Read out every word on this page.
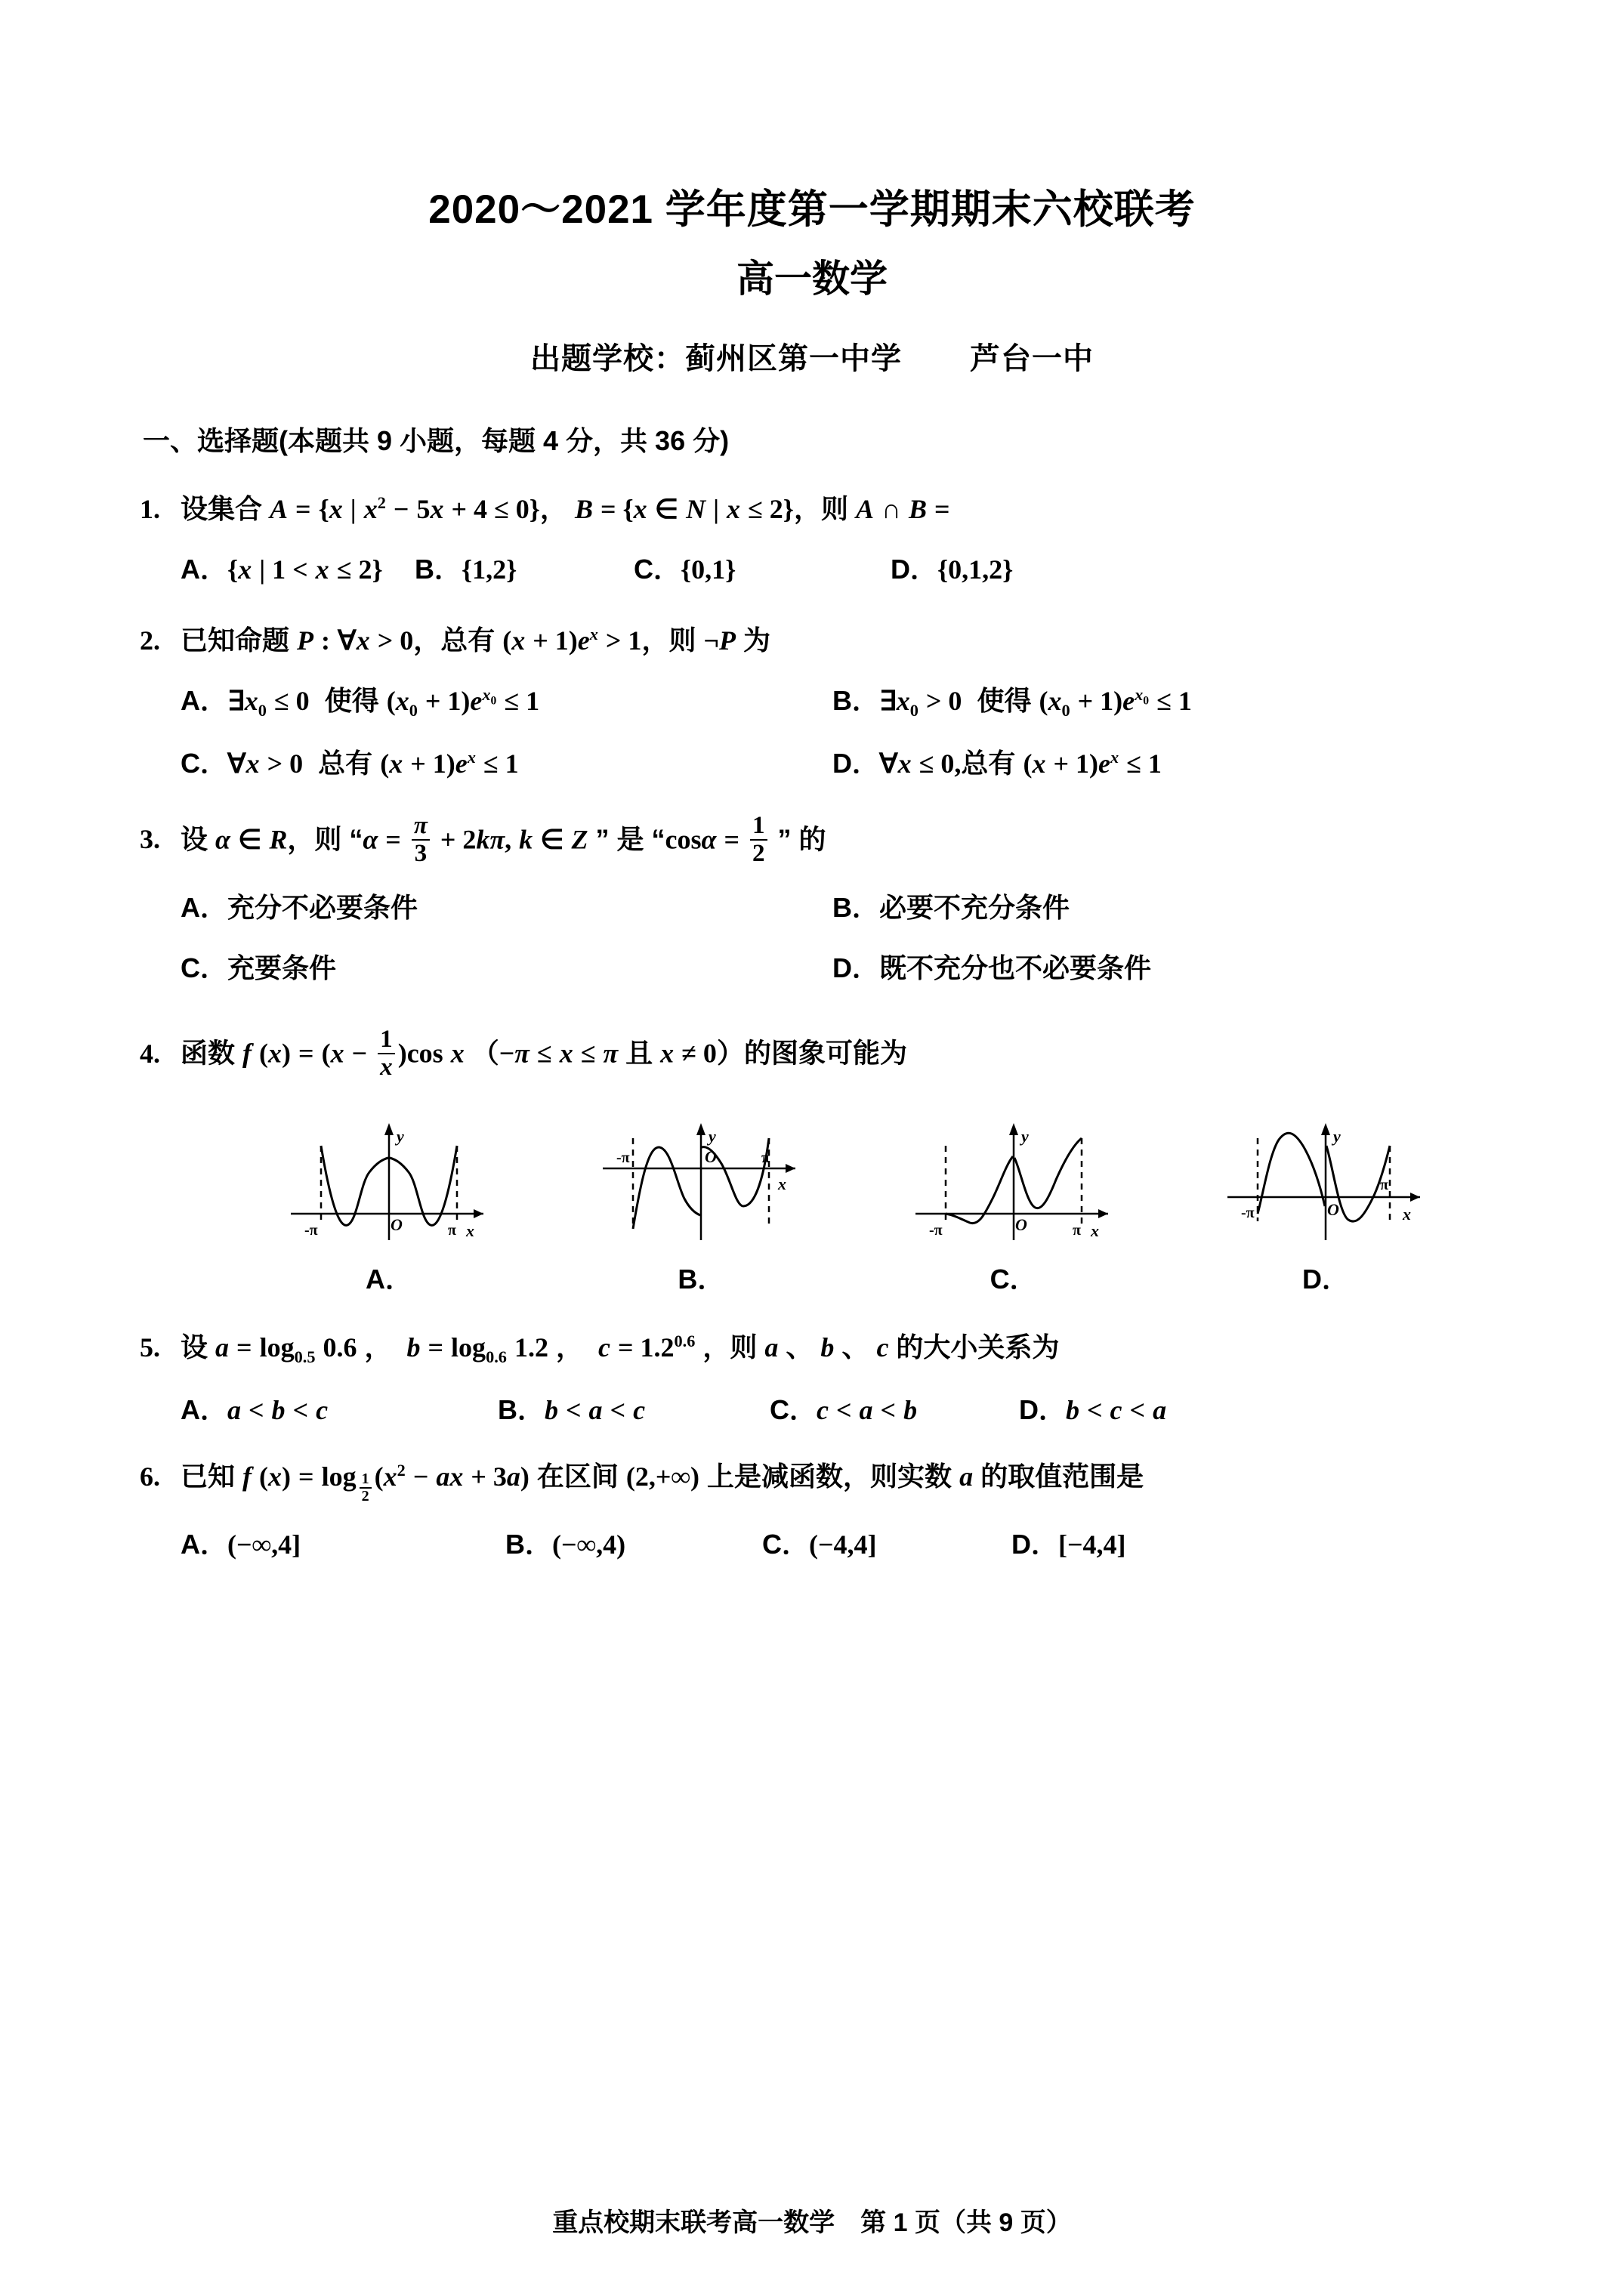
2020～2021 学年度第一学期期末六校联考
高一数学
出题学校：蓟州区第一中学 芦台一中
一、选择题(本题共 9 小题，每题 4 分，共 36 分)
1. 设集合 A = {x | $x^2 - 5x + 4 \le 0$}， B = {x ∈ N | x ≤ 2}，则 A ∩ B =
A．{x | 1 < x ≤ 2}	B．{1,2}	C．{0,1}	D．{0,1,2}
2. 已知命题 P : ∀x > 0，总有 $(x + 1)e^x > 1$，则 ¬P 为
A．$\exists x_0 \le 0$  使得 $(x_0 + 1)e^{x_0} \le 1$	B．$\exists x_0 > 0$  使得 $(x_0 + 1)e^{x_0} \le 1$
C．∀x > 0  总有 $(x + 1)e^x \le 1$	D．∀x ≤ 0,总有 $(x + 1)e^x \le 1$
3. 设 α ∈ R，则 “$\alpha = \frac{\pi}{3} + 2k\pi$, k ∈ Z ” 是 “$\cos\alpha = \frac{1}{2}$ ” 的
A．充分不必要条件	B．必要不充分条件
C．充要条件	D．既不充分也不必要条件
4. 函数 f $(x) = (x - \frac{1}{x} )\cos$ x （−π ≤ x ≤ π 且 x ≠ 0）的图象可能为
y
O
-π	π x
A．
y
O
-π	π
x
B．
y
O
-π	π x
C．
y
O
-π
π
x
D．
5. 设 $a = \log_{0.5} 0.6$ ，  $b = \log_{0.6} 1.2$ ，  $c = 1.2^{0.6}$ ，则 a 、 b 、 c 的大小关系为
A．a < b < c	B．b < a < c	C．c < a < b	D．b < c < a
6. 已知 f (x) = log $_{\frac{1}{2}}$ ($x^2$ − ax + 3a) 在区间 (2,+∞) 上是减函数，则实数 a 的取值范围是
A．(−∞,4]	B．(−∞,4)	C．(−4,4]	D．[−4,4]
重点校期末联考高一数学　第 1 页（共 9 页）
